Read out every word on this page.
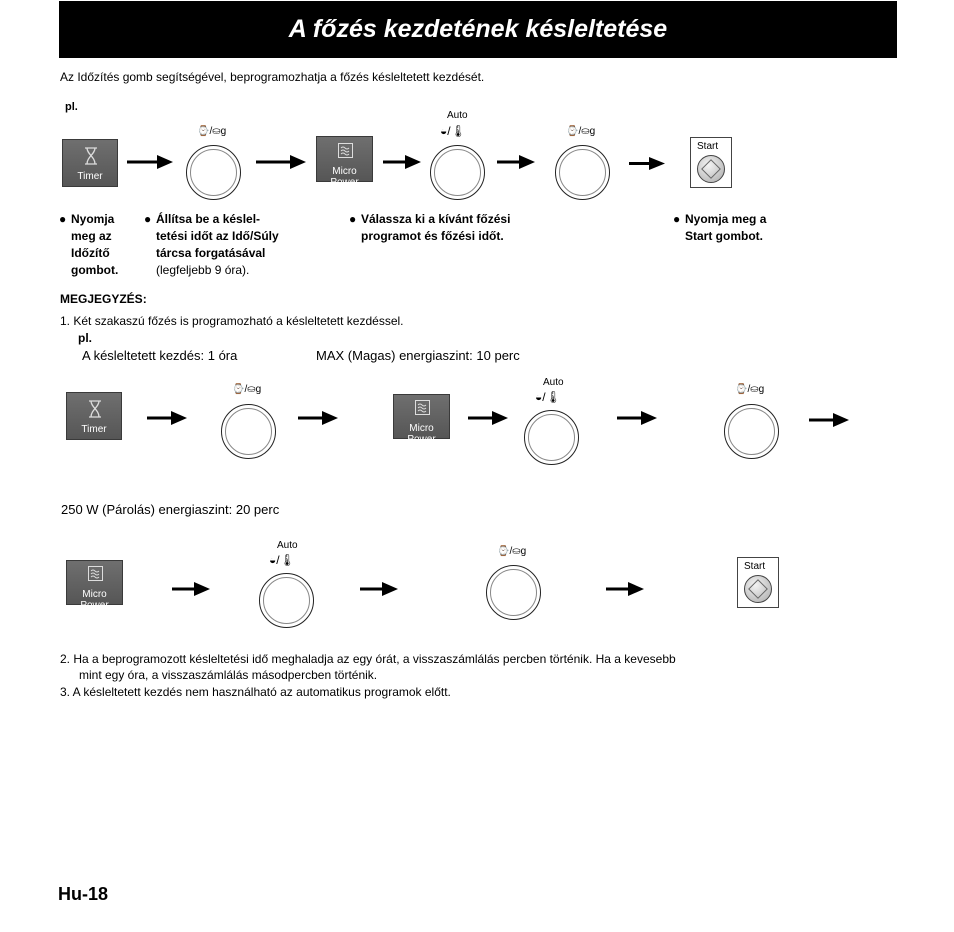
A főzés kezdetének késleltetése
Az Időzítés gomb segítségével, beprogramozhatja a főzés késleltetett kezdését.
pl.
Timer
⌚/⛀g
Micro Power
Auto
◒/🌡	⌚/⛀g
Start
● Nyomja
meg az
Időzítő
gombot.
● Állítsa be a késlel-
tetési időt az Idő/Súly
tárcsa forgatásával
(legfeljebb 9 óra).
● Válassza ki a kívánt főzési
programot és főzési időt.
● Nyomja meg a
Start gombot.
MEGJEGYZÉS:
1. Két szakaszú főzés is programozható a késleltetett kezdéssel.
pl.
A késleltetett kezdés: 1 óra	MAX (Magas) energiaszint: 10 perc
Timer
⌚/⛀g
Micro Power
Auto
◒/🌡
⌚/⛀g
250 W (Párolás) energiaszint: 20 perc
Micro Power
Auto
◒/🌡
⌚/⛀g
Start
2. Ha a beprogramozott késleltetési idő meghaladja az egy órát, a visszaszámlálás percben történik. Ha a kevesebb
mint egy óra, a visszaszámlálás másodpercben történik.
3. A késleltetett kezdés nem használható az automatikus programok előtt.
Hu-18
